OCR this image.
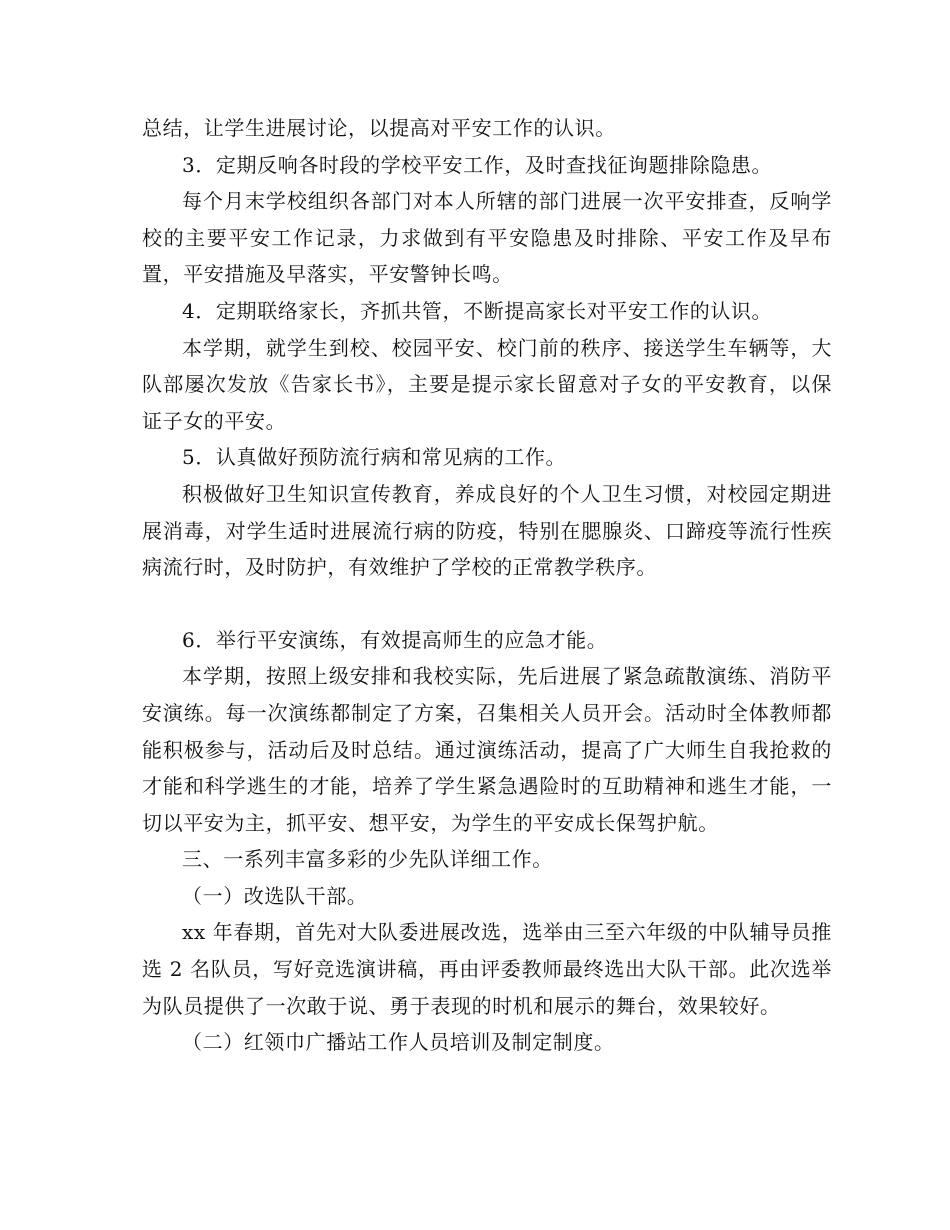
总结，让学生进展讨论，以提高对平安工作的认识。

3．定期反响各时段的学校平安工作，及时查找征询题排除隐患。

每个月末学校组织各部门对本人所辖的部门进展一次平安排查，反响学校的主要平安工作记录，力求做到有平安隐患及时排除、平安工作及早布置，平安措施及早落实，平安警钟长鸣。

4．定期联络家长，齐抓共管，不断提高家长对平安工作的认识。

本学期，就学生到校、校园平安、校门前的秩序、接送学生车辆等，大队部屡次发放《告家长书》，主要是提示家长留意对子女的平安教育，以保证子女的平安。

5．认真做好预防流行病和常见病的工作。

积极做好卫生知识宣传教育，养成良好的个人卫生习惯，对校园定期进展消毒，对学生适时进展流行病的防疫，特别在腮腺炎、口蹄疫等流行性疾病流行时，及时防护，有效维护了学校的正常教学秩序。

6．举行平安演练，有效提高师生的应急才能。

本学期，按照上级安排和我校实际，先后进展了紧急疏散演练、消防平安演练。每一次演练都制定了方案，召集相关人员开会。活动时全体教师都能积极参与，活动后及时总结。通过演练活动，提高了广大师生自我抢救的才能和科学逃生的才能，培养了学生紧急遇险时的互助精神和逃生才能，一切以平安为主，抓平安、想平安，为学生的平安成长保驾护航。

三、一系列丰富多彩的少先队详细工作。

（一）改选队干部。

xx 年春期，首先对大队委进展改选，选举由三至六年级的中队辅导员推选 2 名队员，写好竞选演讲稿，再由评委教师最终选出大队干部。此次选举为队员提供了一次敢于说、勇于表现的时机和展示的舞台，效果较好。

（二）红领巾广播站工作人员培训及制定制度。
